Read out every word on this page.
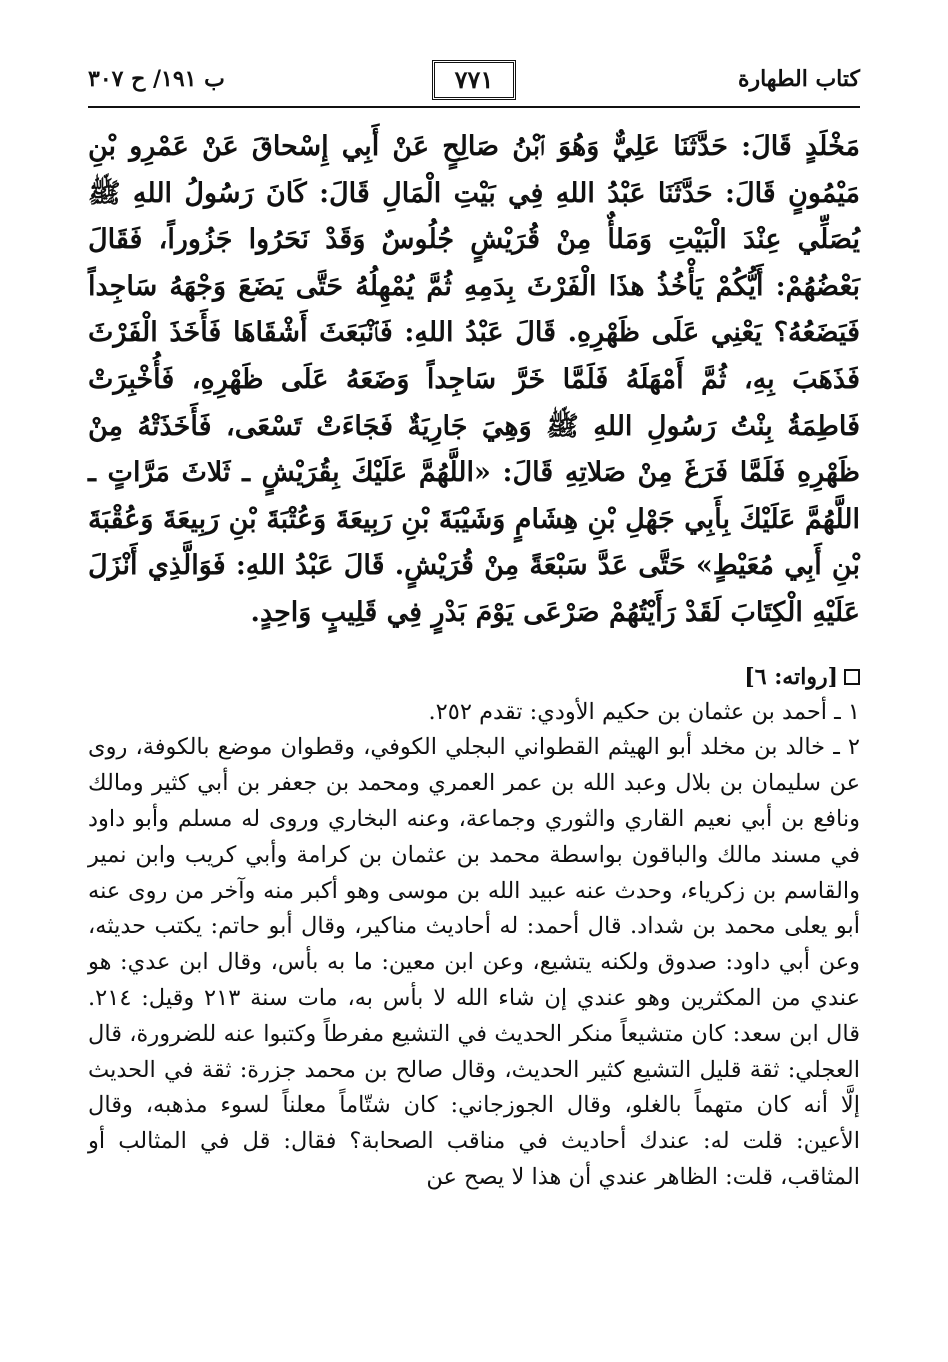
كتاب الطهارة
٧٧١
ب ١٩١/ ح ٣٠٧

مَخْلَدٍ قَالَ: حَدَّثَنَا عَلِيٌّ وَهُوَ ٱبْنُ صَالِحٍ عَنْ أَبِي إِسْحاقَ عَنْ عَمْرِو بْنِ مَيْمُونٍ قَالَ: حَدَّثَنَا عَبْدُ اللهِ فِي بَيْتِ الْمَالِ قَالَ: كَانَ رَسُولُ اللهِ ﷺ يُصَلِّي عِنْدَ الْبَيْتِ وَمَلأٌ مِنْ قُرَيْشٍ جُلُوسٌ وَقَدْ نَحَرُوا جَزُوراً، فَقَالَ بَعْضُهُمْ: أَيُّكُمْ يَأْخُذُ هذَا الْفَرْثَ بِدَمِهِ ثُمَّ يُمْهِلُهُ حَتَّى يَضَعَ وَجْهَهُ سَاجِداً فَيَضَعُهُ؟ يَعْنِي عَلَى ظَهْرِهِ. قَالَ عَبْدُ اللهِ: فَٱنْبَعَثَ أَشْقَاهَا فَأَخَذَ الْفَرْثَ فَذَهَبَ بِهِ، ثُمَّ أَمْهَلَهُ فَلَمَّا خَرَّ سَاجِداً وَضَعَهُ عَلَى ظَهْرِهِ، فَأُخْبِرَتْ فَاطِمَةُ بِنْتُ رَسُولِ اللهِ ﷺ وَهِيَ جَارِيَةٌ فَجَاءَتْ تَسْعَى، فَأَخَذَتْهُ مِنْ ظَهْرِهِ فَلَمَّا فَرَغَ مِنْ صَلاتِهِ قَالَ: «اللَّهُمَّ عَلَيْكَ بِقُرَيْشٍ ـ ثَلاثَ مَرَّاتٍ ـ اللَّهُمَّ عَلَيْكَ بِأَبِي جَهْلِ بْنِ هِشَامٍ وَشَيْبَةَ بْنِ رَبِيعَةَ وَعُتْبَةَ بْنِ رَبِيعَةَ وَعُقْبَةَ بْنِ أَبِي مُعَيْطٍ» حَتَّى عَدَّ سَبْعَةً مِنْ قُرَيْشٍ. قَالَ عَبْدُ اللهِ: فَوَالَّذِي أَنْزَلَ عَلَيْهِ الْكِتَابَ لَقَدْ رَأَيْتُهُمْ صَرْعَى يَوْمَ بَدْرٍ فِي قَلِيبٍ وَاحِدٍ.

[رواته: ٦]

١ ـ أحمد بن عثمان بن حكيم الأودي: تقدم ٢٥٢.

٢ ـ خالد بن مخلد أبو الهيثم القطواني البجلي الكوفي، وقطوان موضع بالكوفة، روى عن سليمان بن بلال وعبد الله بن عمر العمري ومحمد بن جعفر بن أبي كثير ومالك ونافع بن أبي نعيم القاري والثوري وجماعة، وعنه البخاري وروى له مسلم وأبو داود في مسند مالك والباقون بواسطة محمد بن عثمان بن كرامة وأبي كريب وابن نمير والقاسم بن زكرياء، وحدث عنه عبيد الله بن موسى وهو أكبر منه وآخر من روى عنه أبو يعلى محمد بن شداد. قال أحمد: له أحاديث مناكير، وقال أبو حاتم: يكتب حديثه، وعن أبي داود: صدوق ولكنه يتشيع، وعن ابن معين: ما به بأس، وقال ابن عدي: هو عندي من المكثرين وهو عندي إن شاء الله لا بأس به، مات سنة ٢١٣ وقيل: ٢١٤. قال ابن سعد: كان متشيعاً منكر الحديث في التشيع مفرطاً وكتبوا عنه للضرورة، قال العجلي: ثقة قليل التشيع كثير الحديث، وقال صالح بن محمد جزرة: ثقة في الحديث إلَّا أنه كان متهماً بالغلو، وقال الجوزجاني: كان شتّاماً معلناً لسوء مذهبه، وقال الأعين: قلت له: عندك أحاديث في مناقب الصحابة؟ فقال: قل في المثالب أو المثاقب، قلت: الظاهر عندي أن هذا لا يصح عن
